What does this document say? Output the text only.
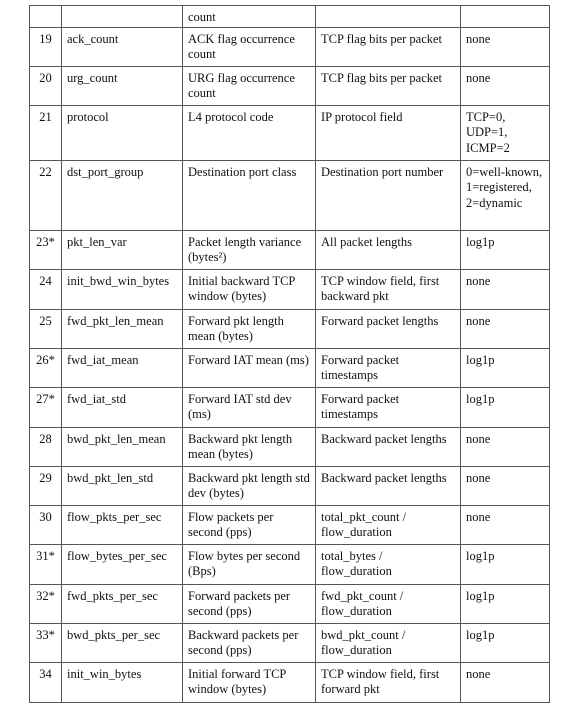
		count		
19	ack_count	ACK flag occurrence count	TCP flag bits per packet	none
20	urg_count	URG flag occurrence count	TCP flag bits per packet	none
21	protocol	L4 protocol code	IP protocol field	TCP=0, UDP=1, ICMP=2
22	dst_port_group	Destination port class	Destination port number	0=well-known, 1=registered, 2=dynamic
23*	pkt_len_var	Packet length variance (bytes²)	All packet lengths	log1p
24	init_bwd_win_bytes	Initial backward TCP window (bytes)	TCP window field, first backward pkt	none
25	fwd_pkt_len_mean	Forward pkt length mean (bytes)	Forward packet lengths	none
26*	fwd_iat_mean	Forward IAT mean (ms)	Forward packet timestamps	log1p
27*	fwd_iat_std	Forward IAT std dev (ms)	Forward packet timestamps	log1p
28	bwd_pkt_len_mean	Backward pkt length mean (bytes)	Backward packet lengths	none
29	bwd_pkt_len_std	Backward pkt length std dev (bytes)	Backward packet lengths	none
30	flow_pkts_per_sec	Flow packets per second (pps)	total_pkt_count / flow_duration	none
31*	flow_bytes_per_sec	Flow bytes per second (Bps)	total_bytes / flow_duration	log1p
32*	fwd_pkts_per_sec	Forward packets per second (pps)	fwd_pkt_count / flow_duration	log1p
33*	bwd_pkts_per_sec	Backward packets per second (pps)	bwd_pkt_count / flow_duration	log1p
34	init_win_bytes	Initial forward TCP window (bytes)	TCP window field, first forward pkt	none
